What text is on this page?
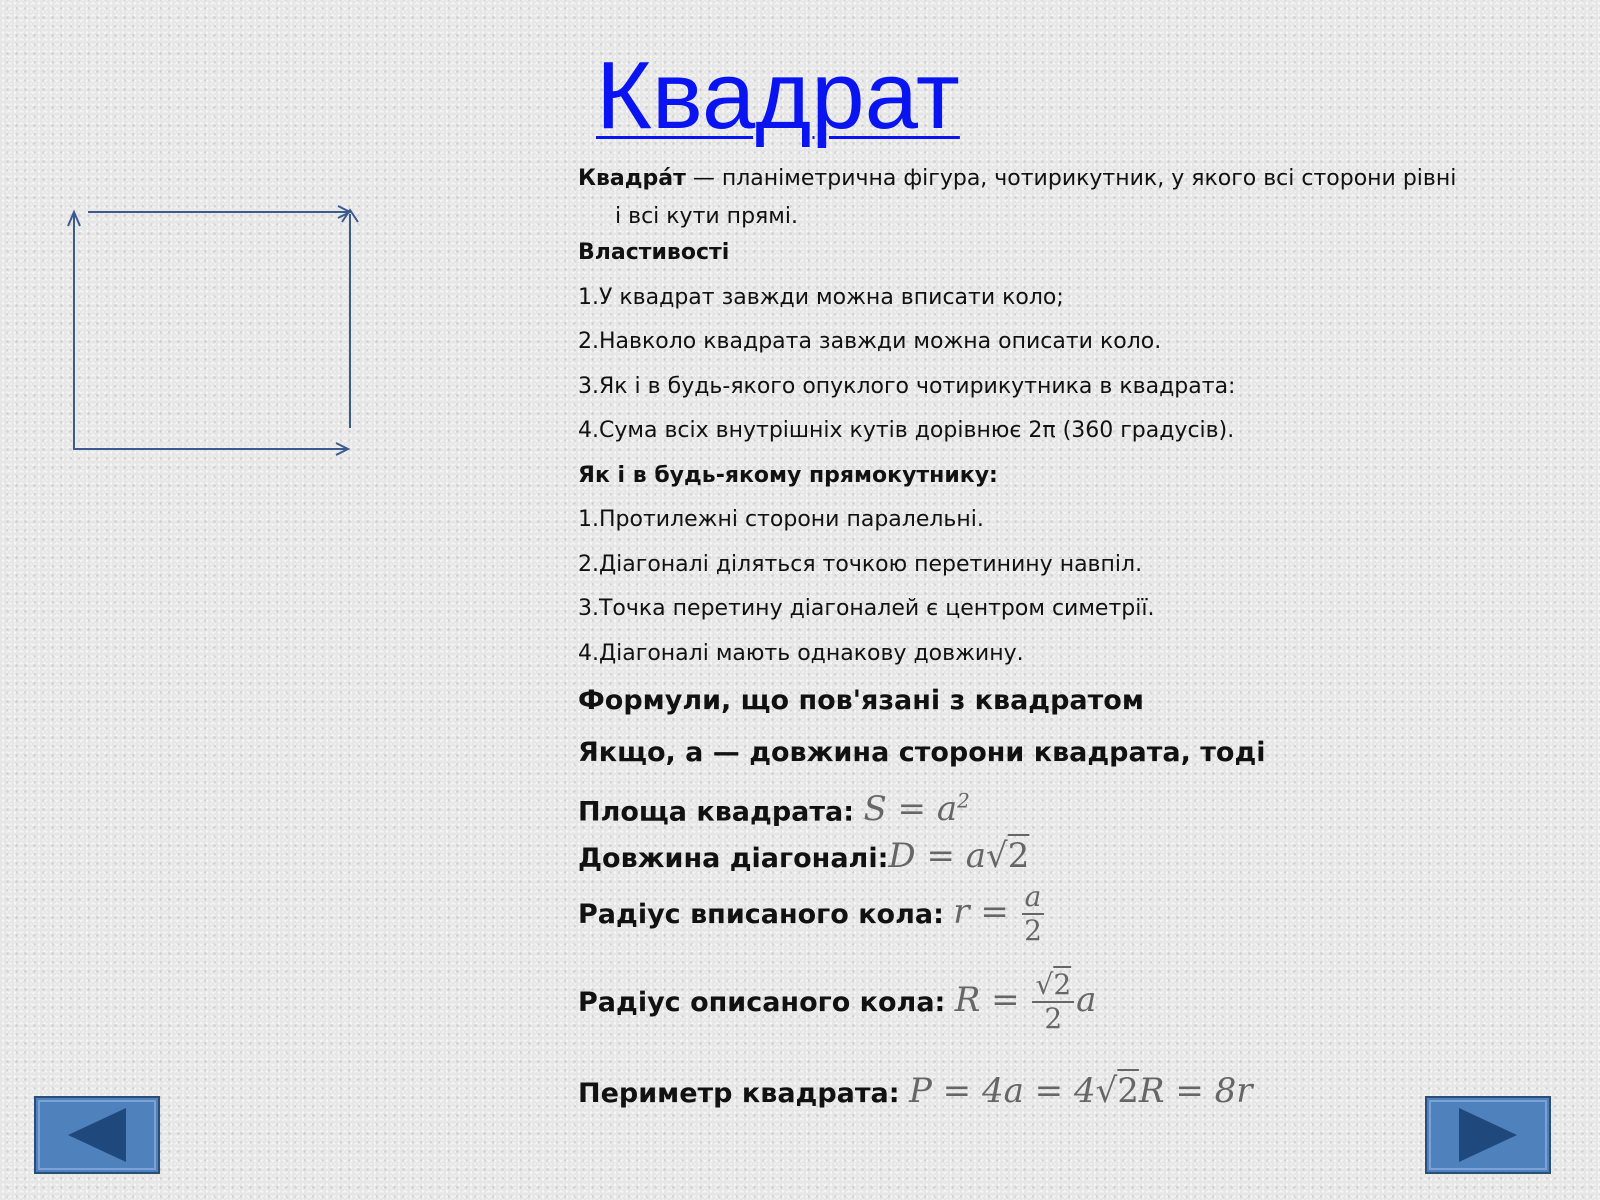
Квадрат
Квадра́т — планіметрична фігура, чотирикутник, у якого всі сторони рівні
і всі кути прямі.
Властивості
1.У квадрат завжди можна вписати коло;
2.Навколо квадрата завжди можна описати коло.
3.Як і в будь-якого опуклого чотирикутника в квадрата:
4.Сума всіх внутрішніх кутів дорівнює 2π (360 градусів).
Як і в будь-якому прямокутнику:
1.Протилежні сторони паралельні.
2.Діагоналі діляться точкою перетинину навпіл.
3.Точка перетину діагоналей є центром симетрії.
4.Діагоналі мають однакову довжину.
Формули, що пов'язані з квадратом
Якщо, a — довжина сторони квадрата, тоді
Площа квадрата: $S = a^2$
Довжина діагоналі:D = a√2
Радіус вписаного кола: $r = \frac{a}{2}$
Радіус описаного кола: $R = \frac{√2}{2}$ a
Периметр квадрата: P = 4a = 4√2R = 8r
